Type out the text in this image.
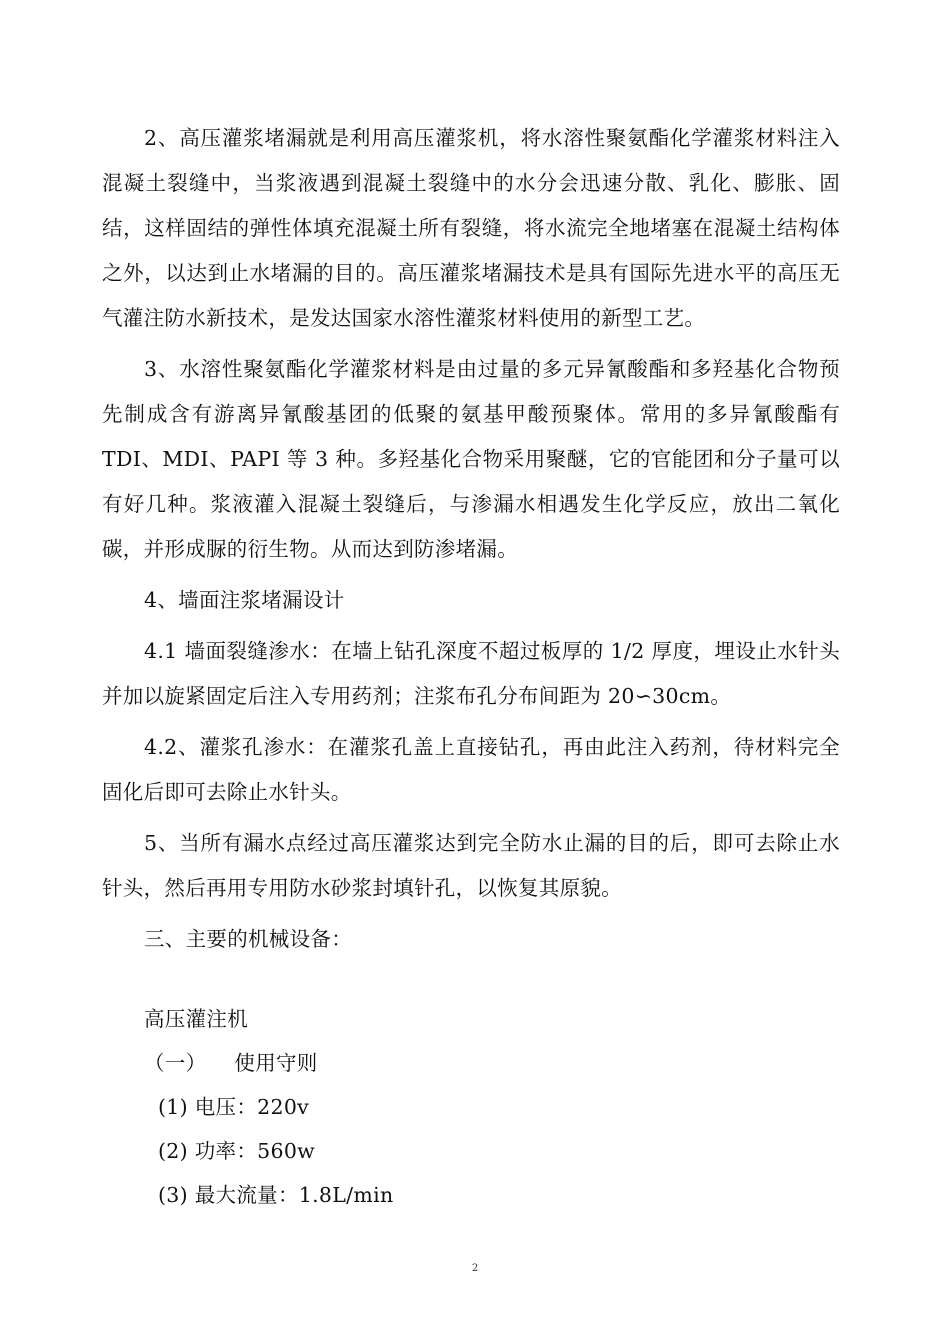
2、高压灌浆堵漏就是利用高压灌浆机，将水溶性聚氨酯化学灌浆材料注入混凝土裂缝中，当浆液遇到混凝土裂缝中的水分会迅速分散、乳化、膨胀、固结，这样固结的弹性体填充混凝土所有裂缝，将水流完全地堵塞在混凝土结构体之外，以达到止水堵漏的目的。高压灌浆堵漏技术是具有国际先进水平的高压无气灌注防水新技术，是发达国家水溶性灌浆材料使用的新型工艺。

3、水溶性聚氨酯化学灌浆材料是由过量的多元异氰酸酯和多羟基化合物预先制成含有游离异氰酸基团的低聚的氨基甲酸预聚体。常用的多异氰酸酯有 TDI、MDI、PAPI 等 3 种。多羟基化合物采用聚醚，它的官能团和分子量可以有好几种。浆液灌入混凝土裂缝后，与渗漏水相遇发生化学反应，放出二氧化碳，并形成脲的衍生物。从而达到防渗堵漏。

4、墙面注浆堵漏设计

4.1 墙面裂缝渗水：在墙上钻孔深度不超过板厚的 1/2 厚度，埋设止水针头并加以旋紧固定后注入专用药剂；注浆布孔分布间距为 20∽30cm。

4.2、灌浆孔渗水：在灌浆孔盖上直接钻孔，再由此注入药剂，待材料完全固化后即可去除止水针头。

5、当所有漏水点经过高压灌浆达到完全防水止漏的目的后，即可去除止水针头，然后再用专用防水砂浆封填针孔，以恢复其原貌。

三、主要的机械设备：

高压灌注机
（一） 使用守则
(1) 电压：220v
(2) 功率：560w
(3) 最大流量：1.8L/min
2
